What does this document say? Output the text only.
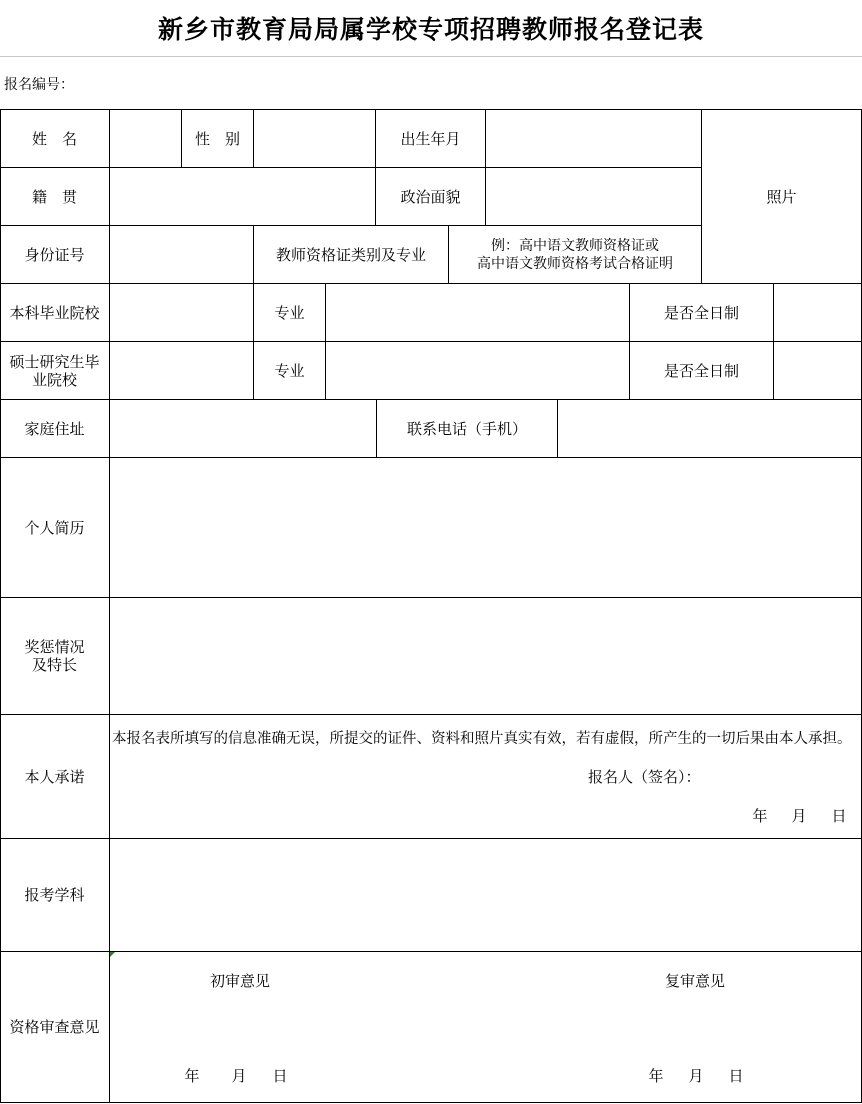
新乡市教育局局属学校专项招聘教师报名登记表
报名编号：
姓　名	性　别	出生年月
照片
籍　贯	政治面貌
身份证号	教师资格证类别及专业	例：高中语文教师资格证或
高中语文教师资格考试合格证明
本科毕业院校	专业	是否全日制
硕士研究生毕
业院校	专业	是否全日制
家庭住址	联系电话（手机）
个人简历
奖惩情况
及特长
本人承诺
本报名表所填写的信息准确无误，所提交的证件、资料和照片真实有效，若有虚假，所产生的一切后果由本人承担。
报名人（签名）：
年 月 日
报考学科
资格审查意见
初审意见	复审意见
年 月 日	年 月 日
